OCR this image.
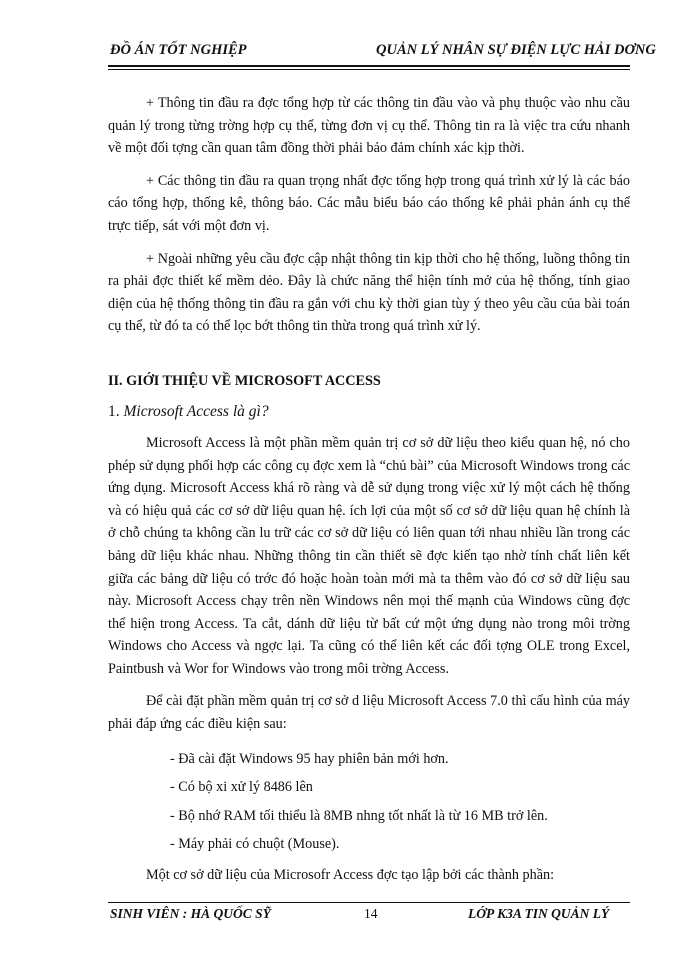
ĐỒ ÁN TỐT NGHIỆP	QUẢN LÝ NHÂN SỰ ĐIỆN LỰC HẢI DƠNG

+ Thông tin đầu ra đợc tổng hợp từ các thông tin đầu vào và phụ thuộc vào nhu cầu quản lý trong từng trờng hợp cụ thể, từng đơn vị cụ thể. Thông tin ra là việc tra cứu nhanh về một đối tợng cần quan tâm đồng thời phải bảo đảm chính xác kịp thời.

+ Các thông tin đầu ra quan trọng nhất đợc tổng hợp trong quá trình xử lý là các báo cáo tổng hợp, thống kê, thông báo. Các mẫu biểu báo cáo thống kê phải phản ánh cụ thể trực tiếp, sát với một đơn vị.

+ Ngoài những yêu cầu đợc cập nhật thông tin kịp thời cho hệ thống, luồng thông tin ra phải đợc thiết kế mềm dẻo. Đây là chức năng thể hiện tính mở của hệ thống, tính giao diện của hệ thống thông tin đầu ra gắn với chu kỳ thời gian tùy ý theo yêu cầu của bài toán cụ thể, từ đó ta có thể lọc bớt thông tin thừa trong quá trình xử lý.

II. GIỚI THIỆU VỀ MICROSOFT ACCESS

1. Microsoft Access là gì?

Microsoft Access là một phần mềm quản trị cơ sở dữ liệu theo kiểu quan hệ, nó cho phép sử dụng phối hợp các công cụ đợc xem là “chủ bài” của Microsoft Windows trong các ứng dụng. Microsoft Access khá rõ ràng và dễ sử dụng trong việc xử lý một cách hệ thống và có hiệu quả các cơ sở dữ liệu quan hệ. ích lợi của một số cơ sở dữ liệu quan hệ chính là ở chỗ chúng ta không cần lu trữ các cơ sở dữ liệu có liên quan tới nhau nhiều lần trong các bảng dữ liệu khác nhau. Những thông tin cần thiết sẽ đợc kiến tạo nhờ tính chất liên kết giữa các bảng dữ liệu có trớc đó hoặc hoàn toàn mới mà ta thêm vào đó cơ sở dữ liệu sau này. Microsoft Access chạy trên nền Windows nên mọi thế mạnh của Windows cũng đợc thể hiện trong Access. Ta cắt, dánh dữ liệu từ bất cứ một ứng dụng nào trong môi trờng Windows cho Access và ngợc lại. Ta cũng có thể liên kết các đối tợng OLE trong Excel, Paintbush và Wor for Windows vào trong môi trờng Access.

Để cài đặt phần mềm quản trị cơ sở d liệu Microsoft Access 7.0 thì cấu hình của máy phải đáp ứng các điều kiện sau:

- Đã cài đặt Windows 95 hay phiên bản mới hơn.

- Có bộ xi xử lý 8486 lên

- Bộ nhớ RAM tối thiểu là 8MB nhng tốt nhất là từ 16 MB trở lên.

- Máy phải có chuột (Mouse).

Một cơ sở dữ liệu của Microsofr Access đợc tạo lập bởi các thành phần:

SINH VIÊN : HÀ QUỐC SỸ	14	LỚP K3A TIN QUẢN LÝ
